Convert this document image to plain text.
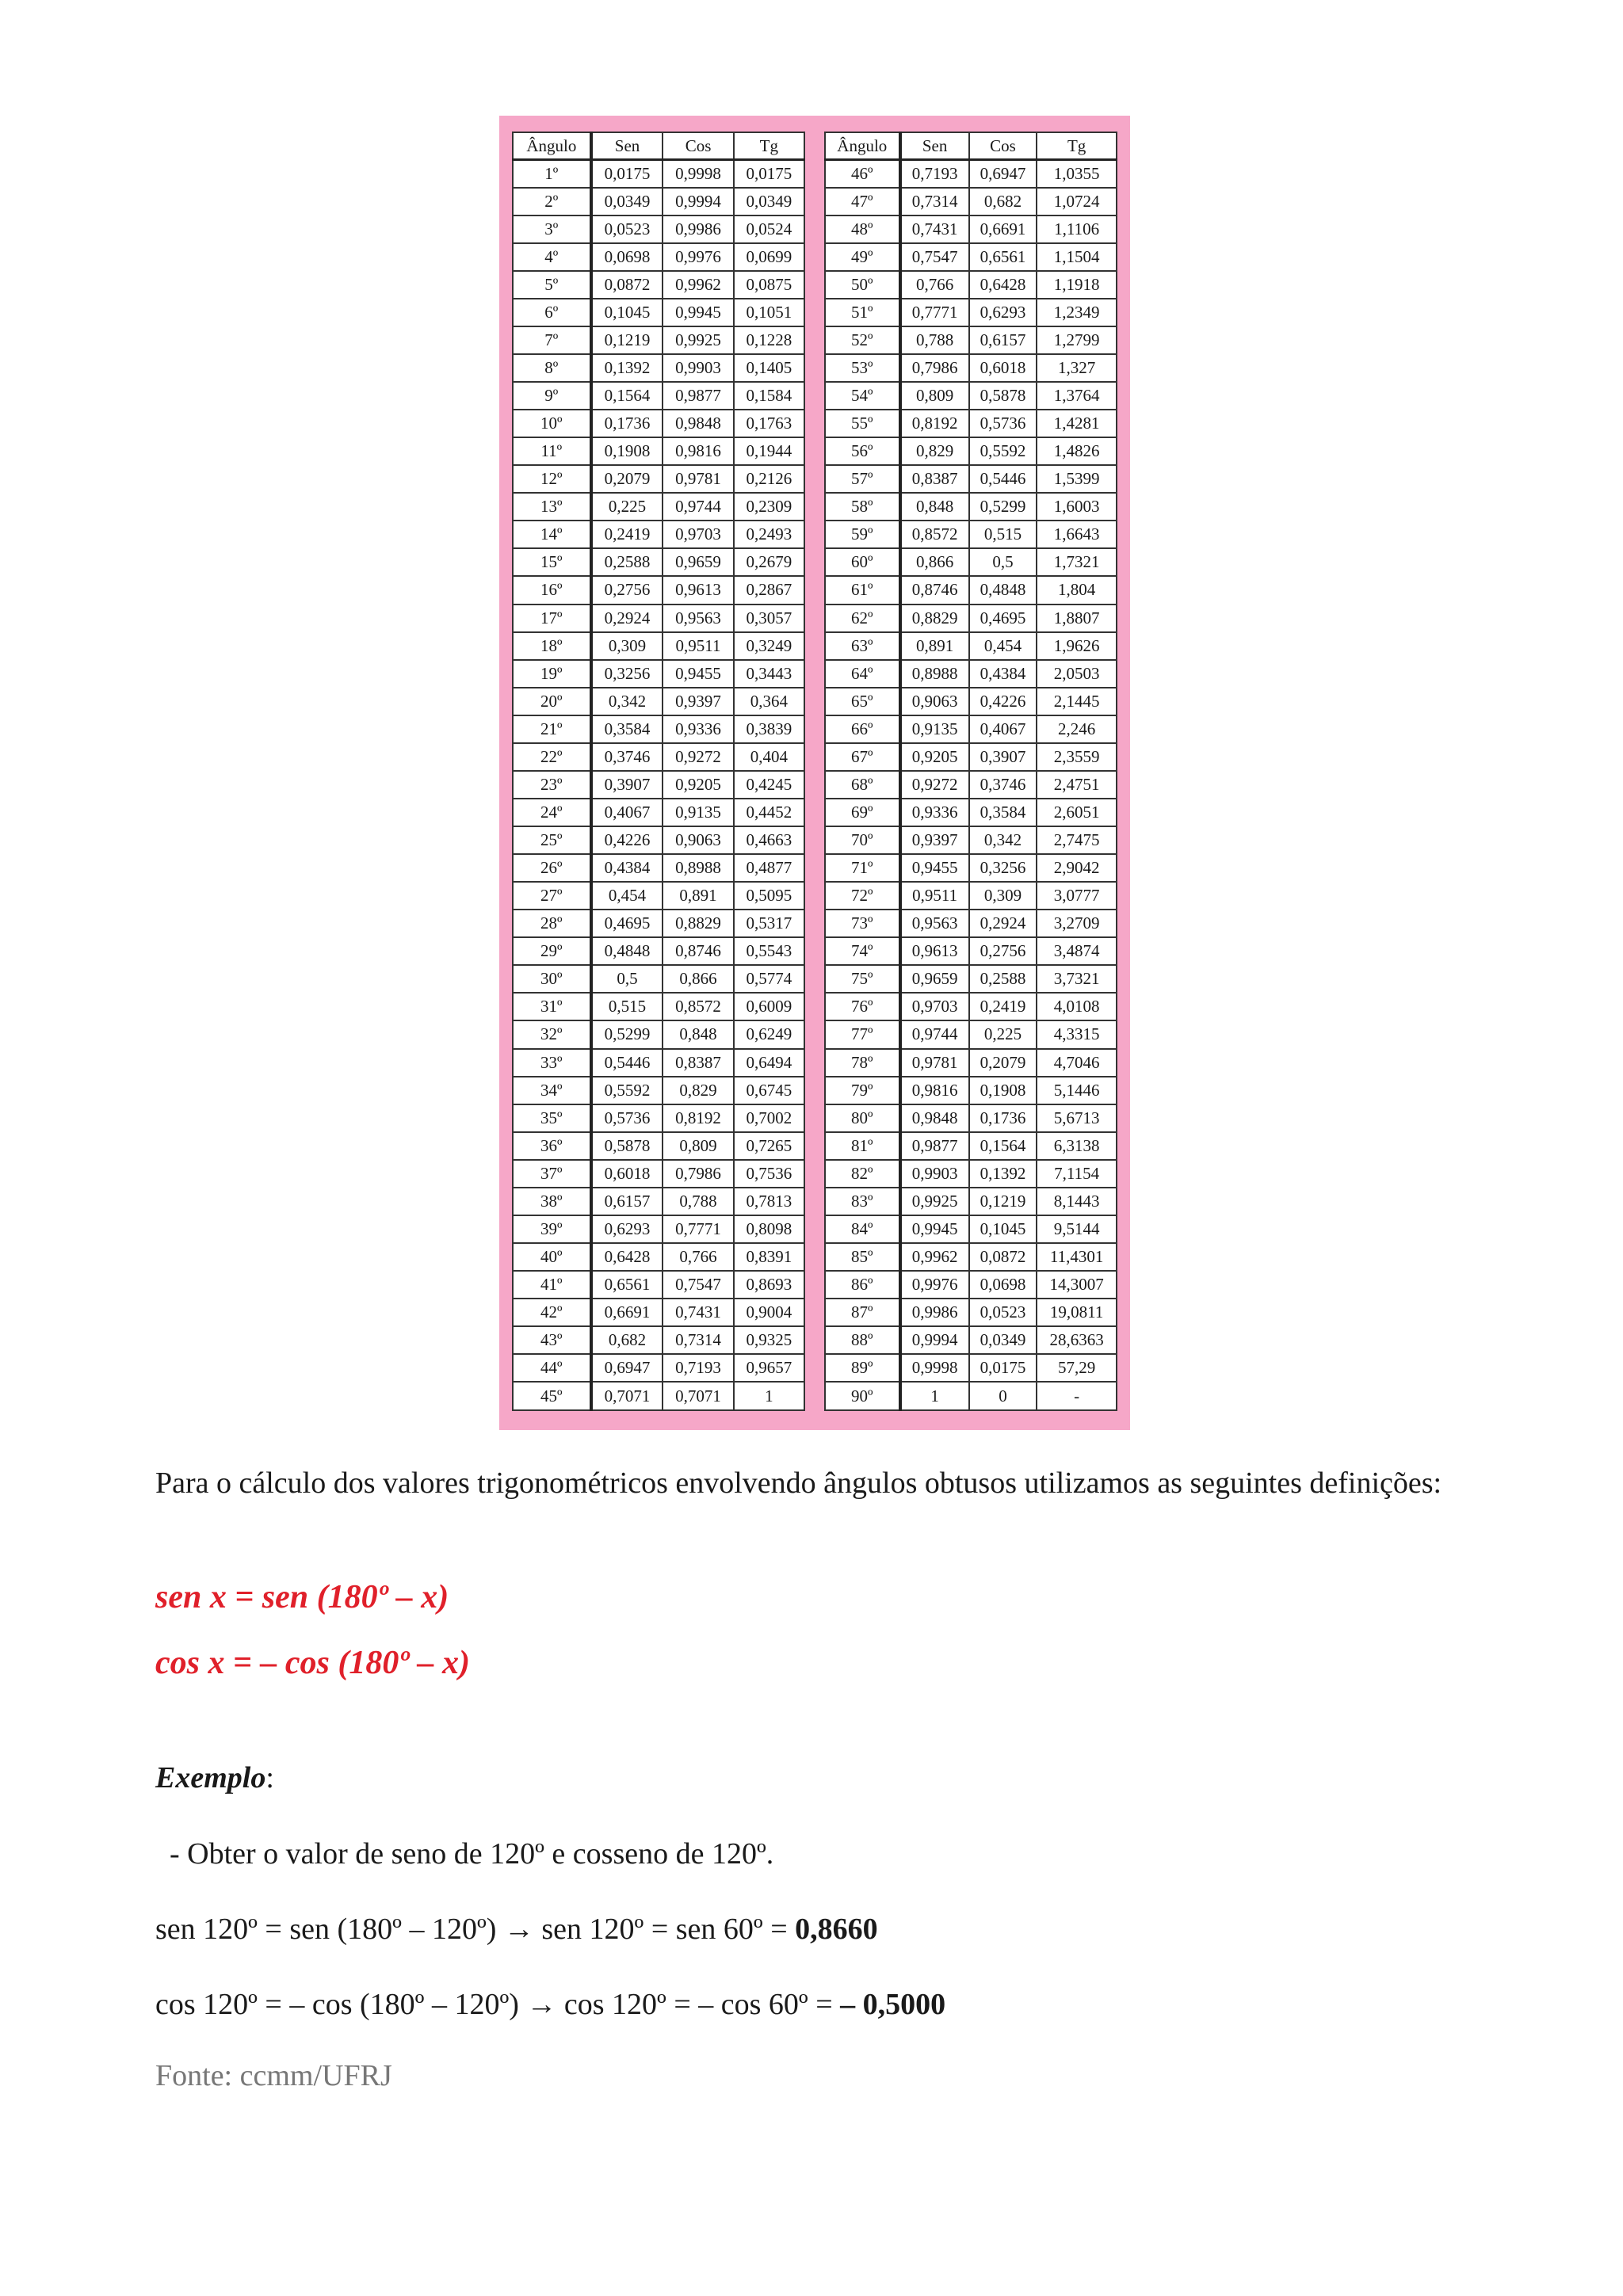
Ângulo	Sen	Cos	Tg
1º	0,0175	0,9998	0,0175
2º	0,0349	0,9994	0,0349
3º	0,0523	0,9986	0,0524
4º	0,0698	0,9976	0,0699
5º	0,0872	0,9962	0,0875
6º	0,1045	0,9945	0,1051
7º	0,1219	0,9925	0,1228
8º	0,1392	0,9903	0,1405
9º	0,1564	0,9877	0,1584
10º	0,1736	0,9848	0,1763
11º	0,1908	0,9816	0,1944
12º	0,2079	0,9781	0,2126
13º	0,225	0,9744	0,2309
14º	0,2419	0,9703	0,2493
15º	0,2588	0,9659	0,2679
16º	0,2756	0,9613	0,2867
17º	0,2924	0,9563	0,3057
18º	0,309	0,9511	0,3249
19º	0,3256	0,9455	0,3443
20º	0,342	0,9397	0,364
21º	0,3584	0,9336	0,3839
22º	0,3746	0,9272	0,404
23º	0,3907	0,9205	0,4245
24º	0,4067	0,9135	0,4452
25º	0,4226	0,9063	0,4663
26º	0,4384	0,8988	0,4877
27º	0,454	0,891	0,5095
28º	0,4695	0,8829	0,5317
29º	0,4848	0,8746	0,5543
30º	0,5	0,866	0,5774
31º	0,515	0,8572	0,6009
32º	0,5299	0,848	0,6249
33º	0,5446	0,8387	0,6494
34º	0,5592	0,829	0,6745
35º	0,5736	0,8192	0,7002
36º	0,5878	0,809	0,7265
37º	0,6018	0,7986	0,7536
38º	0,6157	0,788	0,7813
39º	0,6293	0,7771	0,8098
40º	0,6428	0,766	0,8391
41º	0,6561	0,7547	0,8693
42º	0,6691	0,7431	0,9004
43º	0,682	0,7314	0,9325
44º	0,6947	0,7193	0,9657
45º	0,7071	0,7071	1
Ângulo	Sen	Cos	Tg
46º	0,7193	0,6947	1,0355
47º	0,7314	0,682	1,0724
48º	0,7431	0,6691	1,1106
49º	0,7547	0,6561	1,1504
50º	0,766	0,6428	1,1918
51º	0,7771	0,6293	1,2349
52º	0,788	0,6157	1,2799
53º	0,7986	0,6018	1,327
54º	0,809	0,5878	1,3764
55º	0,8192	0,5736	1,4281
56º	0,829	0,5592	1,4826
57º	0,8387	0,5446	1,5399
58º	0,848	0,5299	1,6003
59º	0,8572	0,515	1,6643
60º	0,866	0,5	1,7321
61º	0,8746	0,4848	1,804
62º	0,8829	0,4695	1,8807
63º	0,891	0,454	1,9626
64º	0,8988	0,4384	2,0503
65º	0,9063	0,4226	2,1445
66º	0,9135	0,4067	2,246
67º	0,9205	0,3907	2,3559
68º	0,9272	0,3746	2,4751
69º	0,9336	0,3584	2,6051
70º	0,9397	0,342	2,7475
71º	0,9455	0,3256	2,9042
72º	0,9511	0,309	3,0777
73º	0,9563	0,2924	3,2709
74º	0,9613	0,2756	3,4874
75º	0,9659	0,2588	3,7321
76º	0,9703	0,2419	4,0108
77º	0,9744	0,225	4,3315
78º	0,9781	0,2079	4,7046
79º	0,9816	0,1908	5,1446
80º	0,9848	0,1736	5,6713
81º	0,9877	0,1564	6,3138
82º	0,9903	0,1392	7,1154
83º	0,9925	0,1219	8,1443
84º	0,9945	0,1045	9,5144
85º	0,9962	0,0872	11,4301
86º	0,9976	0,0698	14,3007
87º	0,9986	0,0523	19,0811
88º	0,9994	0,0349	28,6363
89º	0,9998	0,0175	57,29
90º	1	0	-
Para o cálculo dos valores trigonométricos envolvendo ângulos obtusos utilizamos as seguintes definições:
sen x = sen (180º – x)
cos x = – cos (180º – x)
Exemplo:
- Obter o valor de seno de 120º e cosseno de 120º.
sen 120º = sen (180º – 120º) → sen 120º = sen 60º = 0,8660
cos 120º = – cos (180º – 120º) → cos 120º = – cos 60º = – 0,5000
Fonte: ccmm/UFRJ
